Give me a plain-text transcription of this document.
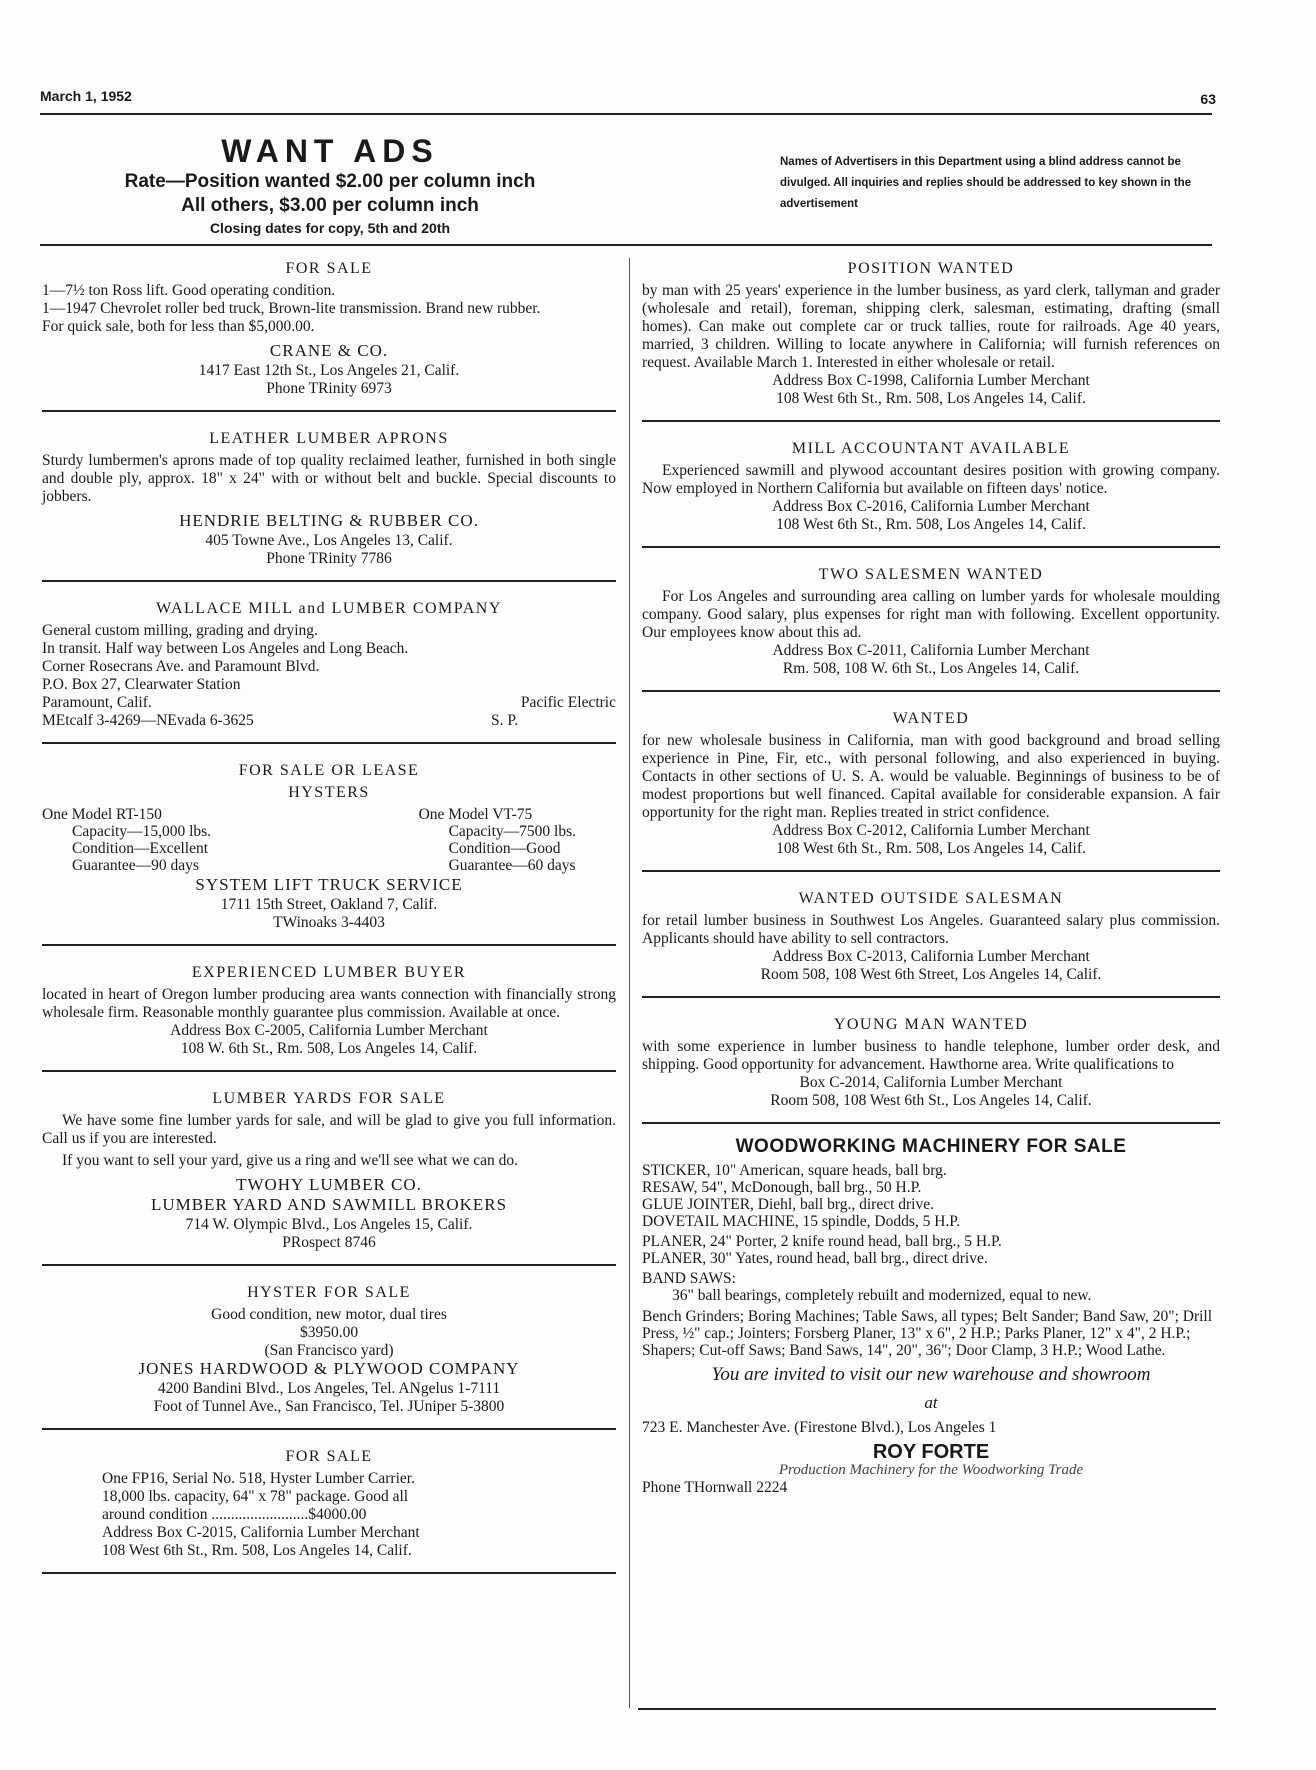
March 1, 1952	63
WANT ADS
Rate—Position wanted $2.00 per column inch
All others, $3.00 per column inch
Closing dates for copy, 5th and 20th
Names of Advertisers in this Department using a blind address cannot be divulged. All inquiries and replies should be addressed to key shown in the advertisement
FOR SALE
1—7½ ton Ross lift. Good operating condition.
1—1947 Chevrolet roller bed truck, Brown-lite transmission. Brand new rubber.
For quick sale, both for less than $5,000.00.
CRANE & CO.
1417 East 12th St., Los Angeles 21, Calif.
Phone TRinity 6973
LEATHER LUMBER APRONS
Sturdy lumbermen's aprons made of top quality reclaimed leather, furnished in both single and double ply, approx. 18" x 24" with or without belt and buckle. Special discounts to jobbers.
HENDRIE BELTING & RUBBER CO.
405 Towne Ave., Los Angeles 13, Calif.
Phone TRinity 7786
WALLACE MILL and LUMBER COMPANY
General custom milling, grading and drying.
In transit. Half way between Los Angeles and Long Beach.
Corner Rosecrans Ave. and Paramount Blvd.
P.O. Box 27, Clearwater Station
Paramount, Calif.	Pacific Electric
MEtcalf 3-4269—NEvada 6-3625	S. P.
FOR SALE OR LEASE
HYSTERS
One Model RT-150
Capacity—15,000 lbs.
Condition—Excellent
Guarantee—90 days
One Model VT-75
Capacity—7500 lbs.
Condition—Good
Guarantee—60 days
SYSTEM LIFT TRUCK SERVICE
1711 15th Street, Oakland 7, Calif.
TWinoaks 3-4403
EXPERIENCED LUMBER BUYER
located in heart of Oregon lumber producing area wants connection with financially strong wholesale firm. Reasonable monthly guarantee plus commission. Available at once.
Address Box C-2005, California Lumber Merchant
108 W. 6th St., Rm. 508, Los Angeles 14, Calif.
LUMBER YARDS FOR SALE
We have some fine lumber yards for sale, and will be glad to give you full information. Call us if you are interested.
If you want to sell your yard, give us a ring and we'll see what we can do.
TWOHY LUMBER CO.
LUMBER YARD AND SAWMILL BROKERS
714 W. Olympic Blvd., Los Angeles 15, Calif.
PRospect 8746
HYSTER FOR SALE
Good condition, new motor, dual tires
$3950.00
(San Francisco yard)
JONES HARDWOOD & PLYWOOD COMPANY
4200 Bandini Blvd., Los Angeles, Tel. ANgelus 1-7111
Foot of Tunnel Ave., San Francisco, Tel. JUniper 5-3800
FOR SALE
One FP16, Serial No. 518, Hyster Lumber Carrier.
18,000 lbs. capacity, 64" x 78" package. Good all
around condition .........................$4000.00
Address Box C-2015, California Lumber Merchant
108 West 6th St., Rm. 508, Los Angeles 14, Calif.
POSITION WANTED
by man with 25 years' experience in the lumber business, as yard clerk, tallyman and grader (wholesale and retail), foreman, shipping clerk, salesman, estimating, drafting (small homes). Can make out complete car or truck tallies, route for railroads. Age 40 years, married, 3 children. Willing to locate anywhere in California; will furnish references on request. Available March 1. Interested in either wholesale or retail.
Address Box C-1998, California Lumber Merchant
108 West 6th St., Rm. 508, Los Angeles 14, Calif.
MILL ACCOUNTANT AVAILABLE
Experienced sawmill and plywood accountant desires position with growing company. Now employed in Northern California but available on fifteen days' notice.
Address Box C-2016, California Lumber Merchant
108 West 6th St., Rm. 508, Los Angeles 14, Calif.
TWO SALESMEN WANTED
For Los Angeles and surrounding area calling on lumber yards for wholesale moulding company. Good salary, plus expenses for right man with following. Excellent opportunity. Our employees know about this ad.
Address Box C-2011, California Lumber Merchant
Rm. 508, 108 W. 6th St., Los Angeles 14, Calif.
WANTED
for new wholesale business in California, man with good background and broad selling experience in Pine, Fir, etc., with personal following, and also experienced in buying. Contacts in other sections of U. S. A. would be valuable. Beginnings of business to be of modest proportions but well financed. Capital available for considerable expansion. A fair opportunity for the right man. Replies treated in strict confidence.
Address Box C-2012, California Lumber Merchant
108 West 6th St., Rm. 508, Los Angeles 14, Calif.
WANTED OUTSIDE SALESMAN
for retail lumber business in Southwest Los Angeles. Guaranteed salary plus commission. Applicants should have ability to sell contractors.
Address Box C-2013, California Lumber Merchant
Room 508, 108 West 6th Street, Los Angeles 14, Calif.
YOUNG MAN WANTED
with some experience in lumber business to handle telephone, lumber order desk, and shipping. Good opportunity for advancement. Hawthorne area. Write qualifications to
Box C-2014, California Lumber Merchant
Room 508, 108 West 6th St., Los Angeles 14, Calif.
WOODWORKING MACHINERY FOR SALE
STICKER, 10" American, square heads, ball brg.
RESAW, 54", McDonough, ball brg., 50 H.P.
GLUE JOINTER, Diehl, ball brg., direct drive.
DOVETAIL MACHINE, 15 spindle, Dodds, 5 H.P.
PLANER, 24" Porter, 2 knife round head, ball brg., 5 H.P.
PLANER, 30" Yates, round head, ball brg., direct drive.
BAND SAWS:
36" ball bearings, completely rebuilt and modernized, equal to new.
Bench Grinders; Boring Machines; Table Saws, all types; Belt Sander; Band Saw, 20"; Drill Press, ½" cap.; Jointers; Forsberg Planer, 13" x 6", 2 H.P.; Parks Planer, 12" x 4", 2 H.P.; Shapers; Cut-off Saws; Band Saws, 14", 20", 36"; Door Clamp, 3 H.P.; Wood Lathe.
You are invited to visit our new warehouse and showroom
at
723 E. Manchester Ave. (Firestone Blvd.), Los Angeles 1
ROY FORTE
Production Machinery for the Woodworking Trade
Phone THornwall 2224
